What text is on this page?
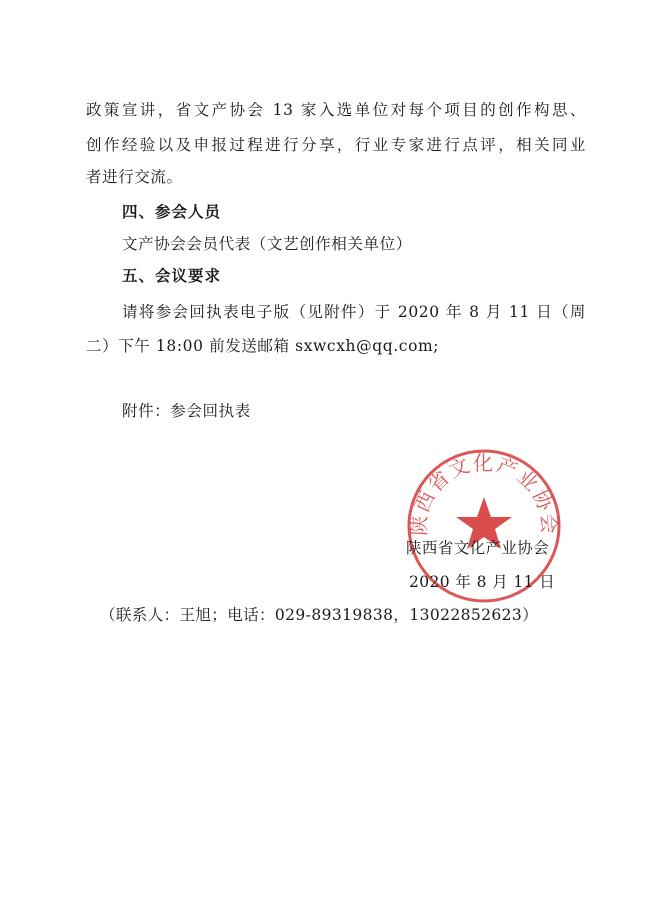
政策宣讲，省文产协会 13 家入选单位对每个项目的创作构思、
创作经验以及申报过程进行分享，行业专家进行点评，相关同业
者进行交流。
四、参会人员
文产协会会员代表（文艺创作相关单位）
五、会议要求
请将参会回执表电子版（见附件）于 2020 年 8 月 11 日（周
二）下午 18:00 前发送邮箱 sxwcxh@qq.com;
附件：参会回执表
陕西省文化产业协会
陕西省文化产业协会
2020 年 8 月 11 日
（联系人：王旭；电话：029-89319838，13022852623）
